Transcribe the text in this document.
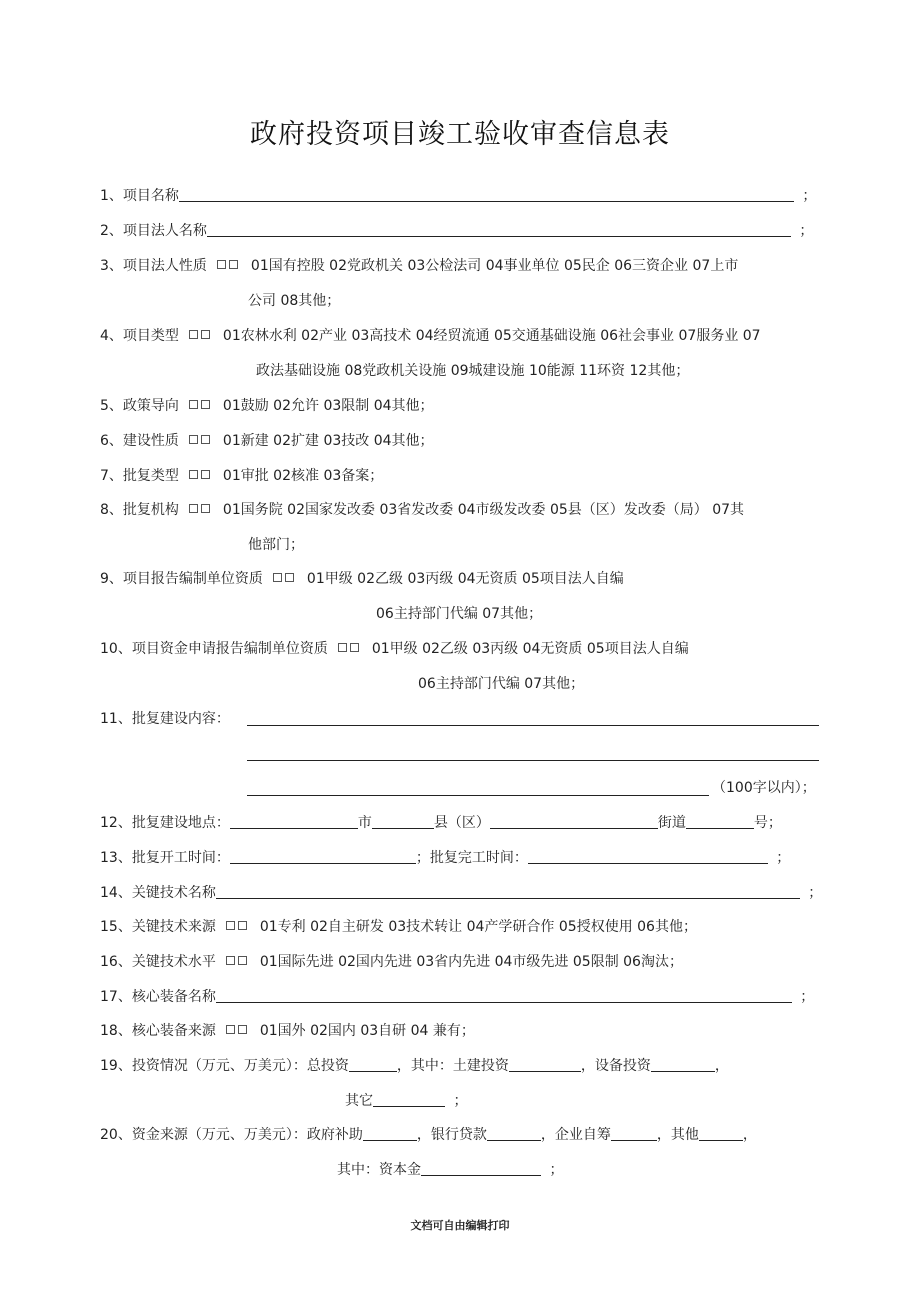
政府投资项目竣工验收审查信息表
1、项目名称	；
2、项目法人名称	；
3、项目法人性质	01国有控股 02党政机关 03公检法司 04事业单位 05民企 06三资企业 07上市
公司 08其他；
4、项目类型	01农林水利 02产业 03高技术 04经贸流通 05交通基础设施 06社会事业 07服务业 07
政法基础设施 08党政机关设施 09城建设施 10能源 11环资 12其他；
5、政策导向	01鼓励 02允许 03限制 04其他；
6、建设性质	01新建 02扩建 03技改 04其他；
7、批复类型	01审批 02核准 03备案；
8、批复机构	01国务院 02国家发改委 03省发改委 04市级发改委 05县（区）发改委（局） 07其
他部门；
9、项目报告编制单位资质	01甲级 02乙级 03丙级 04无资质 05项目法人自编
06主持部门代编 07其他；
10、项目资金申请报告编制单位资质	01甲级 02乙级 03丙级 04无资质 05项目法人自编
06主持部门代编 07其他；
11、批复建设内容：
（100字以内）；
12、批复建设地点：	市	县（区）	街道	号；
13、批复开工时间：	；批复完工时间：	；
14、关键技术名称	；
15、关键技术来源	01专利 02自主研发 03技术转让 04产学研合作 05授权使用 06其他；
16、关键技术水平	01国际先进 02国内先进 03省内先进 04市级先进 05限制 06淘汰；
17、核心装备名称	；
18、核心装备来源	01国外 02国内 03自研 04 兼有；
19、投资情况（万元、万美元）：总投资	，其中：土建投资	，设备投资	，
其它	；
20、资金来源（万元、万美元）：政府补助	，银行贷款	，企业自筹	，其他	，
其中：资本金	；
文档可自由编辑打印
